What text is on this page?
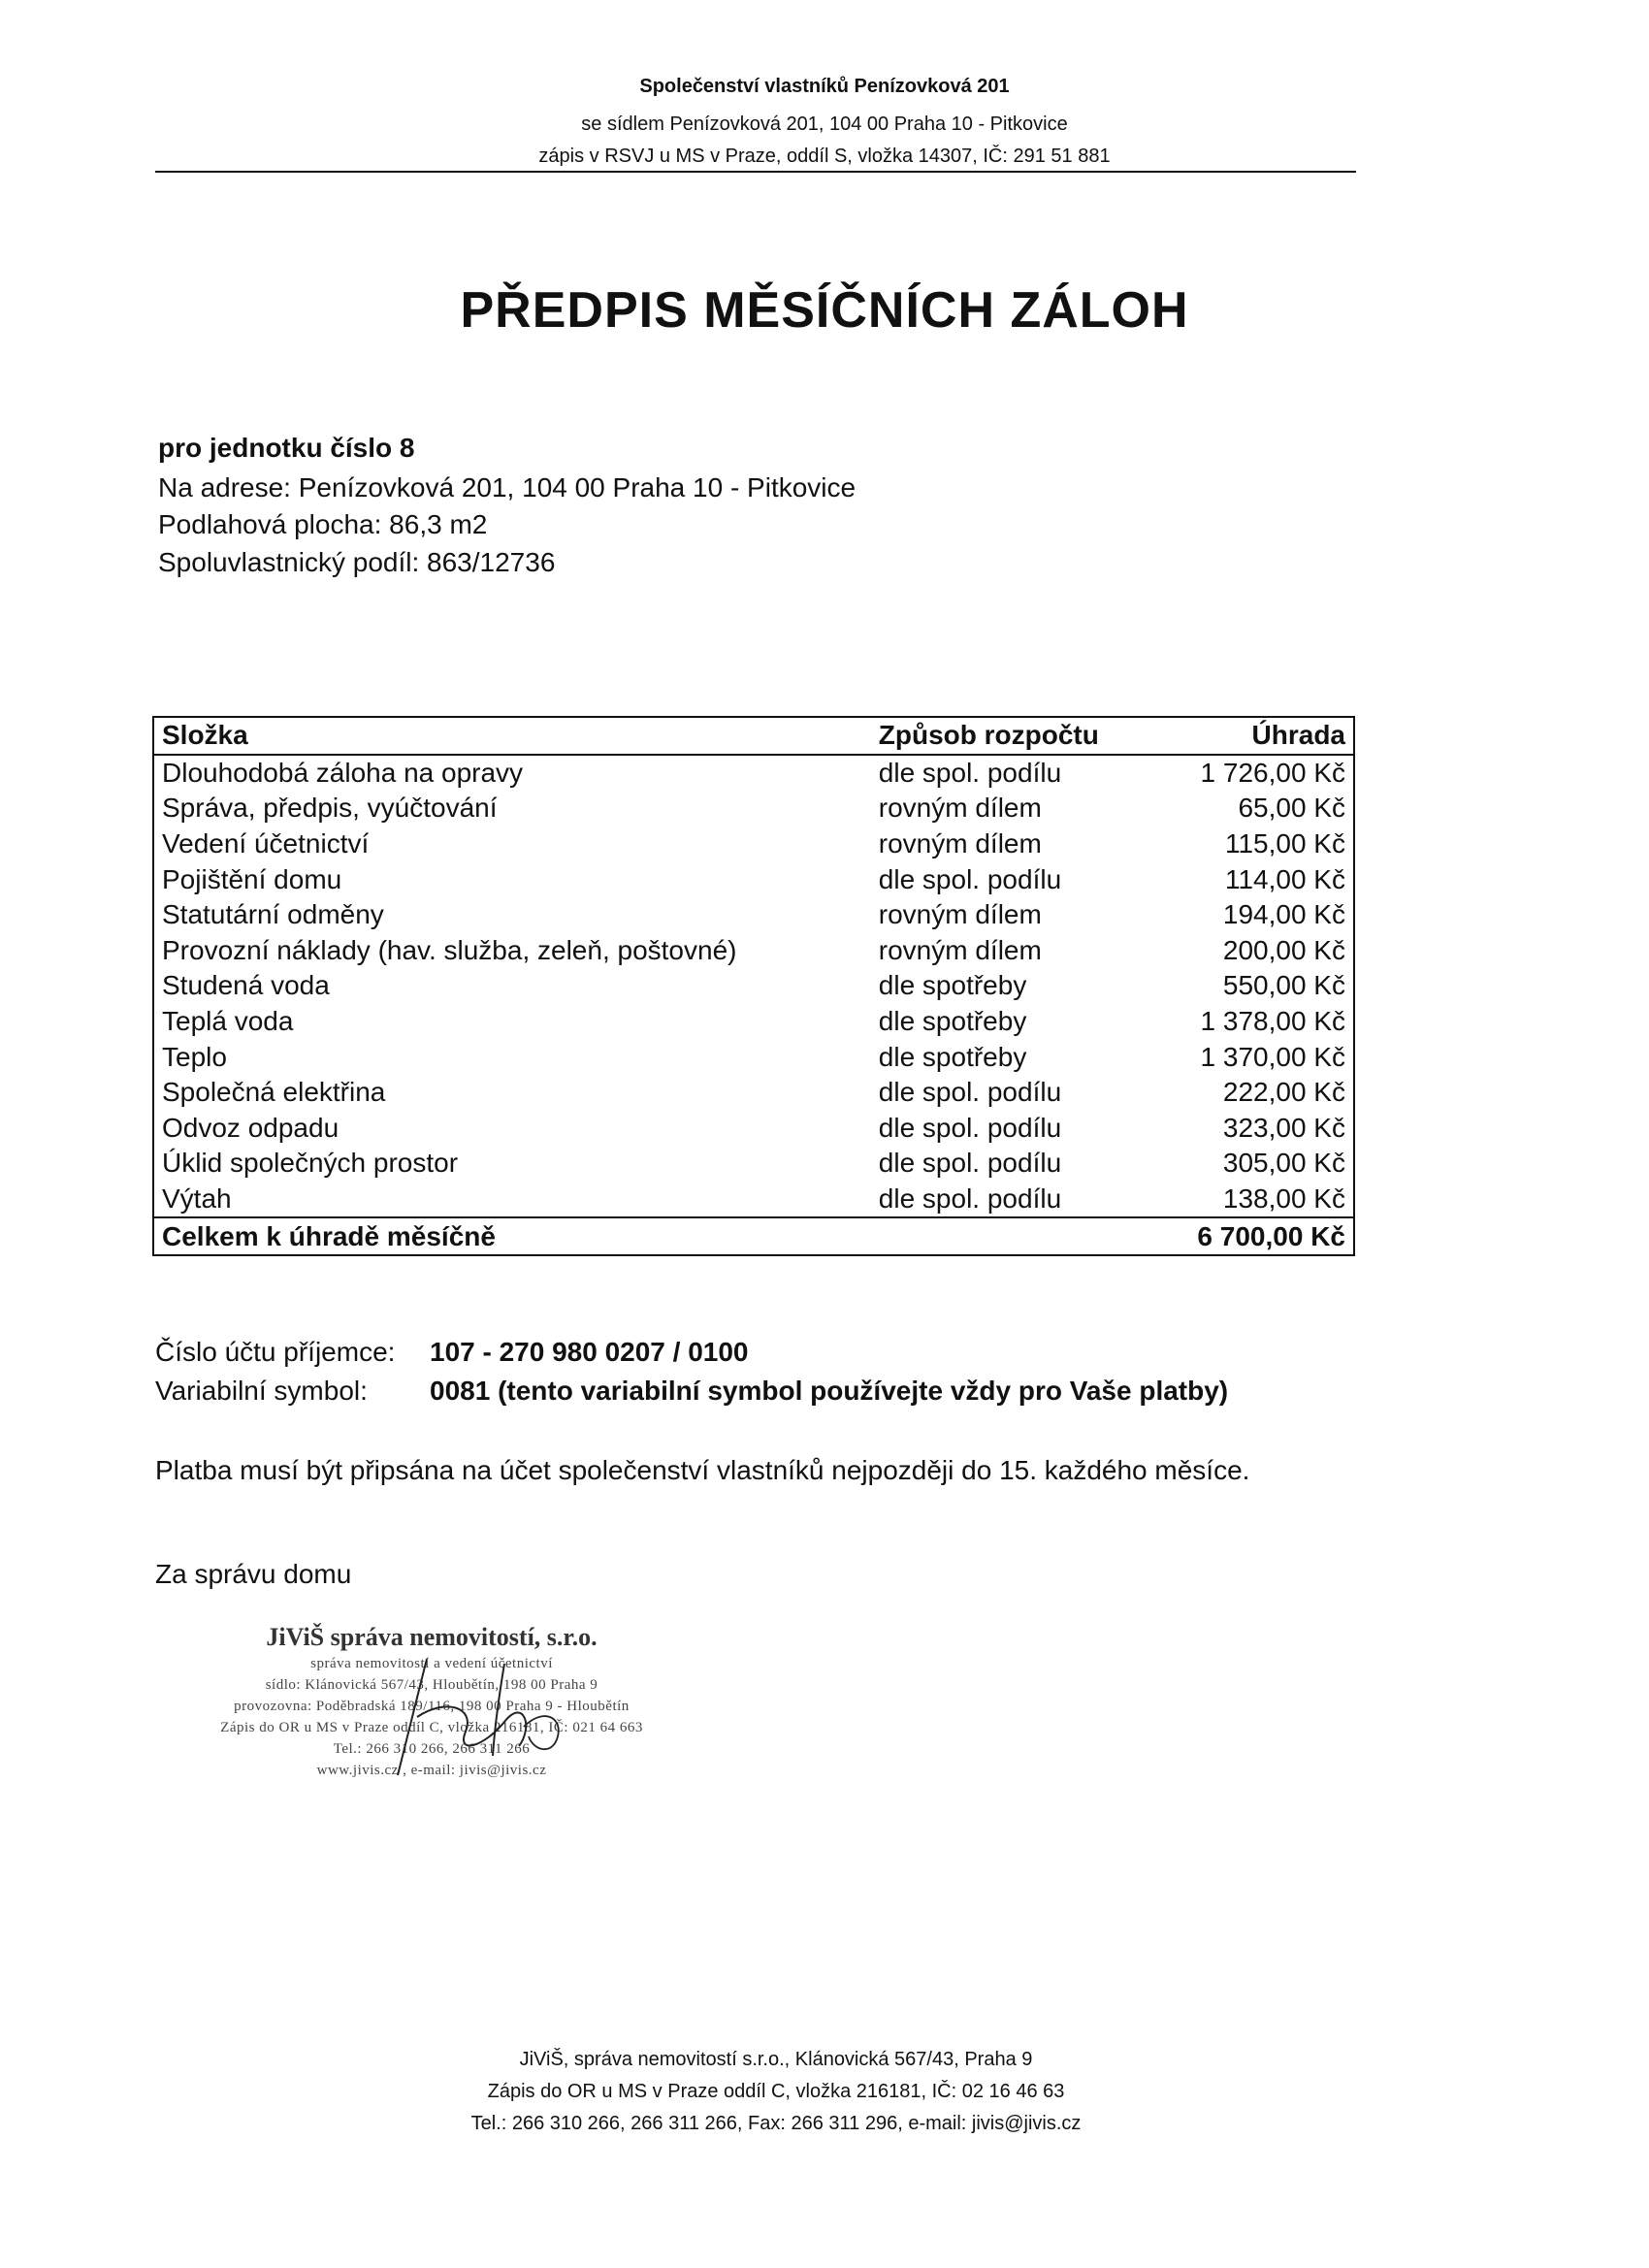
Společenství vlastníků Penízovková 201
se sídlem Penízovková 201, 104 00 Praha 10 - Pitkovice
zápis v RSVJ u MS v Praze, oddíl S, vložka 14307, IČ: 291 51 881
PŘEDPIS MĚSÍČNÍCH ZÁLOH
pro jednotku číslo 8
Na adrese: Penízovková 201, 104 00 Praha 10 - Pitkovice
Podlahová plocha: 86,3 m2
Spoluvlastnický podíl: 863/12736
Složka	Způsob rozpočtu	Úhrada
Dlouhodobá záloha na opravy	dle spol. podílu	1 726,00 Kč
Správa, předpis, vyúčtování	rovným dílem	65,00 Kč
Vedení účetnictví	rovným dílem	115,00 Kč
Pojištění domu	dle spol. podílu	114,00 Kč
Statutární odměny	rovným dílem	194,00 Kč
Provozní náklady (hav. služba, zeleň, poštovné)	rovným dílem	200,00 Kč
Studená voda	dle spotřeby	550,00 Kč
Teplá voda	dle spotřeby	1 378,00 Kč
Teplo	dle spotřeby	1 370,00 Kč
Společná elektřina	dle spol. podílu	222,00 Kč
Odvoz odpadu	dle spol. podílu	323,00 Kč
Úklid společných prostor	dle spol. podílu	305,00 Kč
Výtah	dle spol. podílu	138,00 Kč
Celkem k úhradě měsíčně		6 700,00 Kč
Číslo účtu příjemce: 107 - 270 980 0207 / 0100
Variabilní symbol: 0081 (tento variabilní symbol používejte vždy pro Vaše platby)
Platba musí být připsána na účet společenství vlastníků nejpozději do 15. každého měsíce.
Za správu domu
JiViŠ správa nemovitostí, s.r.o.
správa nemovitostí a vedení účetnictví
sídlo: Klánovická 567/43, Hloubětín, 198 00 Praha 9
provozovna: Poděbradská 189/116, 198 00 Praha 9 - Hloubětín
Zápis do OR u MS v Praze oddíl C, vložka 216181, IČ: 021 64 663
Tel.: 266 310 266, 266 311 266
www.jivis.cz , e-mail: jivis@jivis.cz
JiViŠ, správa nemovitostí s.r.o., Klánovická 567/43, Praha 9
Zápis do OR u MS v Praze oddíl C, vložka 216181, IČ: 02 16 46 63
Tel.: 266 310 266, 266 311 266, Fax: 266 311 296, e-mail: jivis@jivis.cz
